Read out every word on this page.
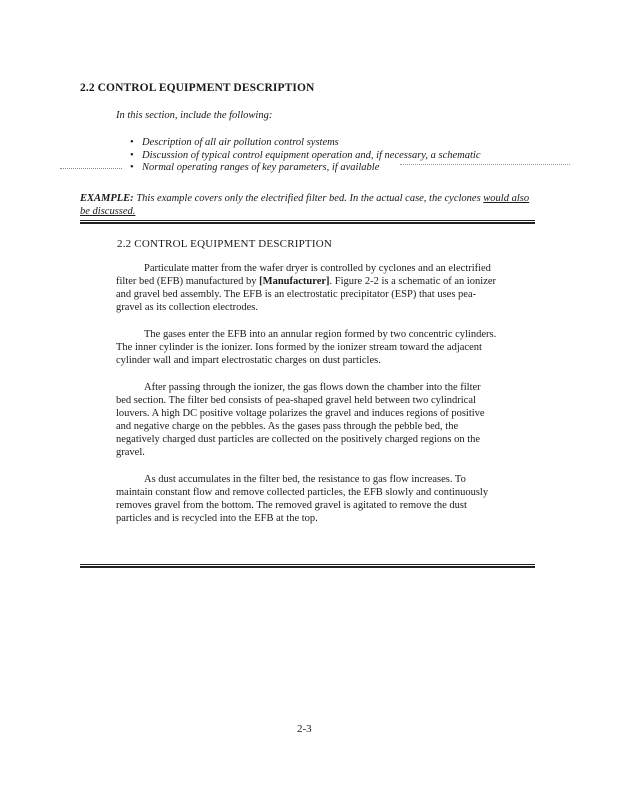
2.2 CONTROL EQUIPMENT DESCRIPTION
In this section, include the following:
• Description of all air pollution control systems
• Discussion of typical control equipment operation and, if necessary, a schematic
• Normal operating ranges of key parameters, if available
EXAMPLE: This example covers only the electrified filter bed. In the actual case, the cyclones would also be discussed.
2.2 CONTROL EQUIPMENT DESCRIPTION

Particulate matter from the wafer dryer is controlled by cyclones and an electrified filter bed (EFB) manufactured by [Manufacturer]. Figure 2-2 is a schematic of an ionizer and gravel bed assembly. The EFB is an electrostatic precipitator (ESP) that uses pea-gravel as its collection electrodes.

The gases enter the EFB into an annular region formed by two concentric cylinders. The inner cylinder is the ionizer. Ions formed by the ionizer stream toward the adjacent cylinder wall and impart electrostatic charges on dust particles.

After passing through the ionizer, the gas flows down the chamber into the filter bed section. The filter bed consists of pea-shaped gravel held between two cylindrical louvers. A high DC positive voltage polarizes the gravel and induces regions of positive and negative charge on the pebbles. As the gases pass through the pebble bed, the negatively charged dust particles are collected on the positively charged regions on the gravel.

As dust accumulates in the filter bed, the resistance to gas flow increases. To maintain constant flow and remove collected particles, the EFB slowly and continuously removes gravel from the bottom. The removed gravel is agitated to remove the dust particles and is recycled into the EFB at the top.

2-3
